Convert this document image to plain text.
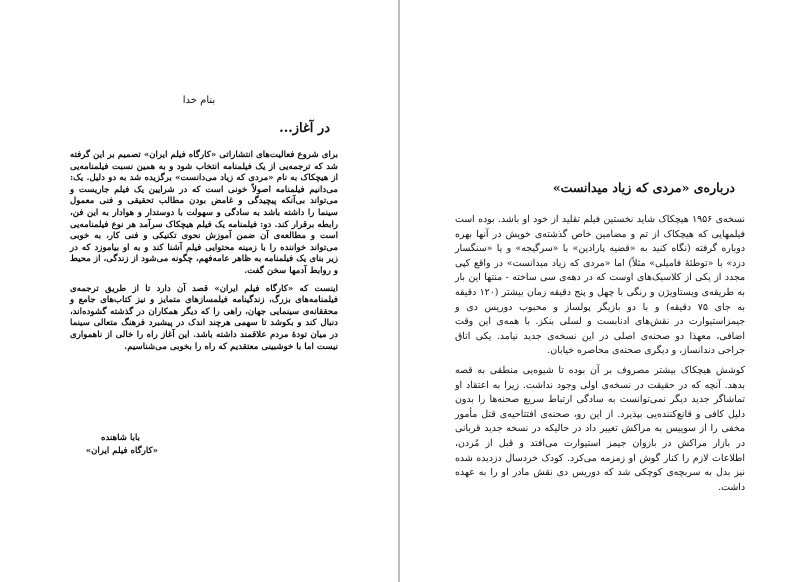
بنام خدا
در آغاز...

برای شروع فعالیت‌های انتشاراتی «کارگاه فیلم ایران» تصمیم بر این گرفته شد که ترجمه‌یی از یک فیلمنامه انتخاب شود و به همین نسبت فیلمنامه‌یی از هیچکاک به نام «مردی که زیاد می‌دانست» برگزیده شد به دو دلیل. یک: می‌دانیم فیلمنامه اصولاً خونی است که در شرایین یک فیلم جاریست و می‌تواند بی‌آنکه پیچیدگی و غامض بودن مطالب تحقیقی و فنی معمول سینما را داشته باشد به سادگی و سهولت با دوستدار و هوادار به این فن، رابطه برقرار کند. دو: فیلمنامه یک فیلم هیچکاک سرآمد هر نوع فیلمنامه‌یی است و مطالعه‌ی آن ضمن آموزش نحوی تکنیکی و فنی کار، به خوبی می‌تواند خواننده را با زمینه محتوایی فیلم آشنا کند و به او بیاموزد که در زیر بنای یک فیلمنامه به ظاهر عامه‌فهم، چگونه می‌شود از زندگی، از محیط و روابط آدمها سخن گفت.

اینست که «کارگاه فیلم ایران» قصد آن دارد تا از طریق ترجمه‌ی فیلمنامه‌های بزرگ، زندگینامه فیلمسازهای متمایز و نیز کتاب‌های جامع و محققانه‌ی سینمایی جهان، راهی را که دیگر همکاران در گذشته گشوده‌اند، دنبال کند و بکوشد تا سهمی هرچند اندک در پیشبرد فرهنگ متعالی سینما در میان تودهٔ مردم علاقمند داشته باشد. این آغاز راه را خالی از ناهمواری نیست اما با خوشبینی معتقدیم که راه را بخوبی می‌شناسیم.

بابا شاهنده
«کارگاه فیلم ایران»
درباره‌ی «مردی که زیاد میدانست»

نسخه‌ی ۱۹۵۶ هیچکاک شاید نخستین فیلم تقلید از خود او باشد. بوده است فیلمهایی که هیچکاک از تم و مضامین خاص گذشته‌ی خویش در آنها بهره دوباره گرفته (نگاه کنید به «قضیه پارادین» با «سرگیجه» و یا «سنگسار دزد» با «توطئهٔ فامیلی» مثلاً) اما «مردی که زیاد میدانست» در واقع کپی مجدد از یکی از کلاسیک‌های اوست که در دهه‌ی سی ساخته - منتها این بار به طریقه‌ی ویستاویژن و رنگی با چهل و پنج دقیقه زمان بیشتر (۱۲۰ دقیقه به جای ۷۵ دقیقه) و با دو بازیگر پولساز و محبوب دوریس دی و جیمزاستیوارت در نقش‌های ادنابست و لسلی بنکز. با همه‌ی این وقت اضافی، معهذا دو صحنه‌ی اصلی در این نسخه‌ی جدید نیامد. یکی اتاق جراحی دندانساز، و دیگری صحنه‌ی محاصره خیابان.

کوشش هیچکاک بیشتر مصروف بر آن بوده تا شیوه‌یی منطقی به قصه بدهد. آنچه که در حقیقت در نسخه‌ی اولی وجود نداشت. زیرا به اعتقاد او تماشاگر جدید دیگر نمی‌توانست به سادگی ارتباط سریع صحنه‌ها را بدون دلیل کافی و قانع‌کننده‌یی بپذیرد. از این رو، صحنه‌ی افتتاحیه‌ی قتل مأمور مخفی را از سوییس به مراکش تغییر داد در حالیکه در نسخه جدید قربانی در بازار مراکش در بازوان جیمز استیوارت می‌افتد و قبل از مُردن، اطلاعات لازم را کنار گوش او زمزمه می‌کرد. کودک خردسال دزدیده شده نیز بدل به سربچه‌ی کوچکی شد که دوریس دی نقش مادر او را به عهده داشت.
